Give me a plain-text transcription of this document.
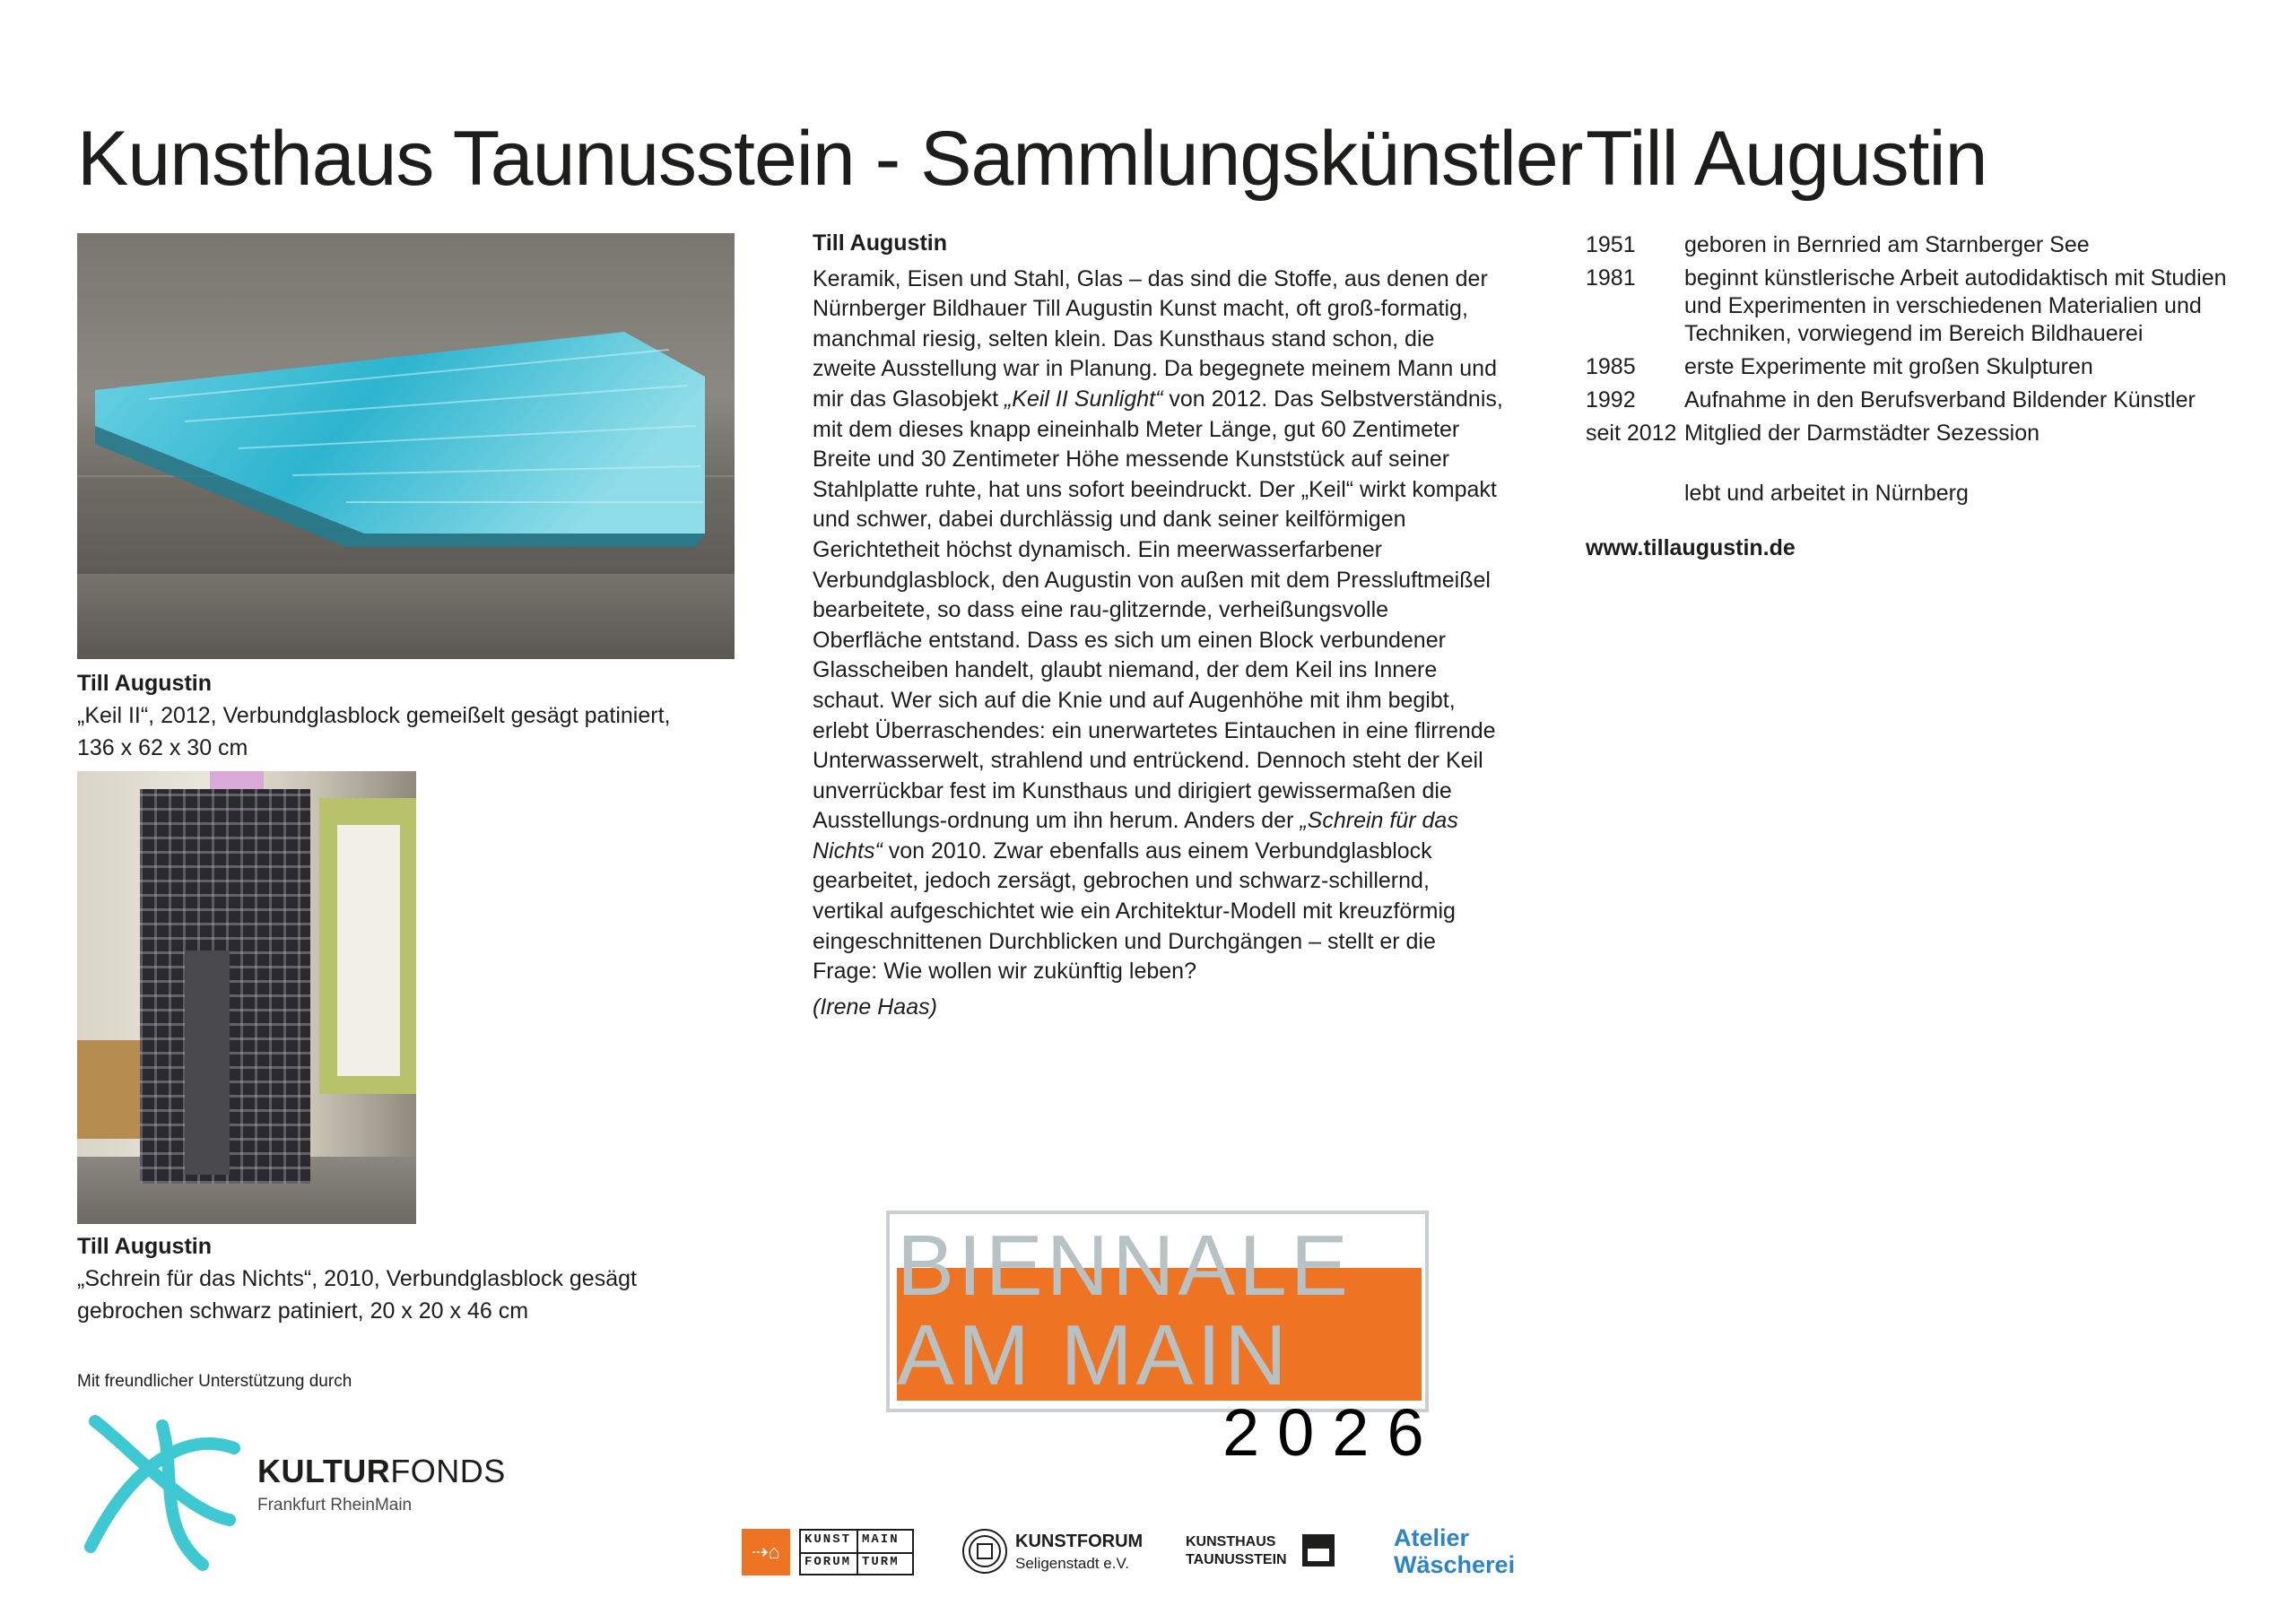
Kunsthaus Taunusstein - Sammlungskünstler Till Augustin
Till Augustin
„Keil II“, 2012, Verbundglasblock gemeißelt gesägt patiniert,
136 x 62 x 30 cm
Till Augustin
„Schrein für das Nichts“, 2010, Verbundglasblock gesägt
gebrochen schwarz patiniert, 20 x 20 x 46 cm
Till Augustin

Keramik, Eisen und Stahl, Glas – das sind die Stoffe, aus denen der Nürnberger Bildhauer Till Augustin Kunst macht, oft groß-formatig, manchmal riesig, selten klein. Das Kunsthaus stand schon, die zweite Ausstellung war in Planung. Da begegnete meinem Mann und mir das Glasobjekt „Keil II Sunlight“ von 2012. Das Selbstverständnis, mit dem dieses knapp eineinhalb Meter Länge, gut 60 Zentimeter Breite und 30 Zentimeter Höhe messende Kunststück auf seiner Stahlplatte ruhte, hat uns sofort beeindruckt. Der „Keil“ wirkt kompakt und schwer, dabei durchlässig und dank seiner keilförmigen Gerichtetheit höchst dynamisch. Ein meerwasserfarbener Verbundglasblock, den Augustin von außen mit dem Pressluftmeißel bearbeitete, so dass eine rau-glitzernde, verheißungsvolle Oberfläche entstand. Dass es sich um einen Block verbundener Glasscheiben handelt, glaubt niemand, der dem Keil ins Innere schaut. Wer sich auf die Knie und auf Augenhöhe mit ihm begibt, erlebt Überraschendes: ein unerwartetes Eintauchen in eine flirrende Unterwasserwelt, strahlend und entrückend. Dennoch steht der Keil unverrückbar fest im Kunsthaus und dirigiert gewissermaßen die Ausstellungs-ordnung um ihn herum. Anders der „Schrein für das Nichts“ von 2010. Zwar ebenfalls aus einem Verbundglasblock gearbeitet, jedoch zersägt, gebrochen und schwarz-schillernd, vertikal aufgeschichtet wie ein Architektur-Modell mit kreuzförmig eingeschnittenen Durchblicken und Durchgängen – stellt er die Frage: Wie wollen wir zukünftig leben?

(Irene Haas)
1951	geboren in Bernried am Starnberger See
1981	beginnt künstlerische Arbeit autodidaktisch mit Studien und Experimenten in verschiedenen Materialien und Techniken, vorwiegend im Bereich Bildhauerei
1985	erste Experimente mit großen Skulpturen
1992	Aufnahme in den Berufsverband Bildender Künstler
seit 2012 Mitglied der Darmstädter Sezession
lebt und arbeitet in Nürnberg
www.tillaugustin.de
Mit freundlicher Unterstützung durch
KULTURFONDS
Frankfurt RheinMain
BIENNALE
AM MAIN
2026
⇢⌂
KUNST MAIN
FORUM TURM
KUNSTFORUM
Seligenstadt e.V.
KUNSTHAUS
TAUNUSSTEIN
Atelier
Wäscherei
